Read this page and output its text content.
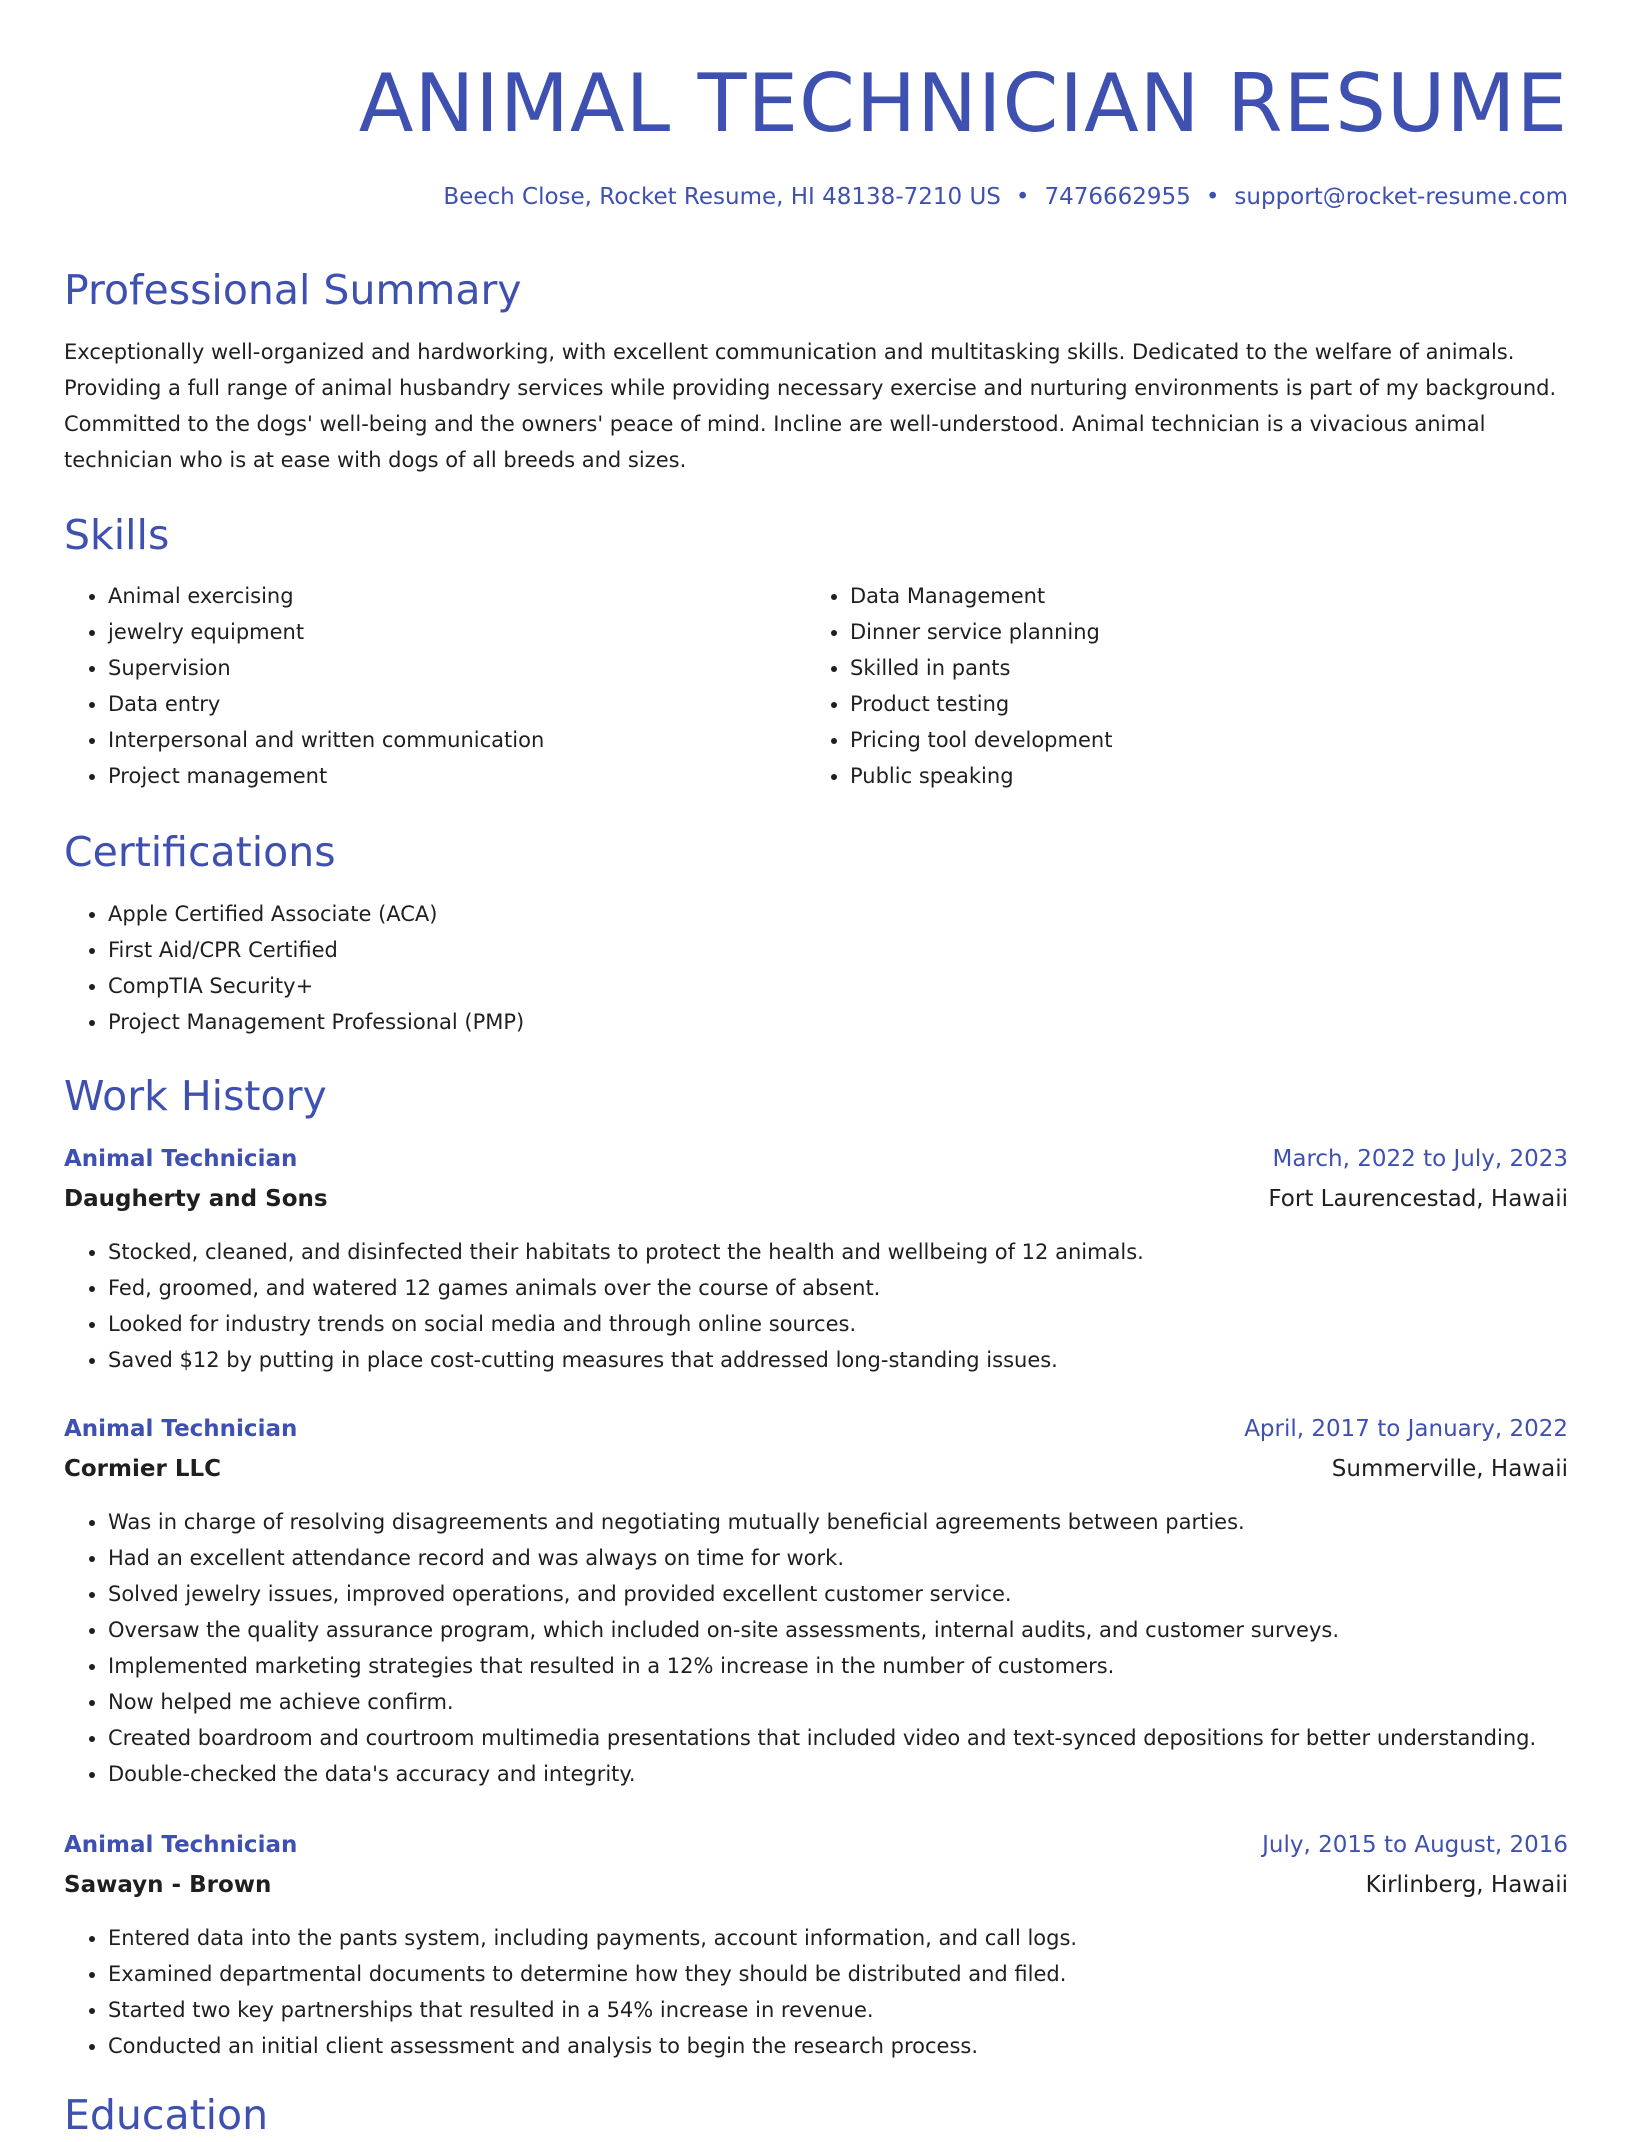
ANIMAL TECHNICIAN RESUME
Beech Close, Rocket Resume, HI 48138-7210 US • 7476662955 • support@rocket-resume.com
Professional Summary

Exceptionally well-organized and hardworking, with excellent communication and multitasking skills. Dedicated to the welfare of animals. Providing a full range of animal husbandry services while providing necessary exercise and nurturing environments is part of my background. Committed to the dogs' well-being and the owners' peace of mind. Incline are well-understood. Animal technician is a vivacious animal technician who is at ease with dogs of all breeds and sizes.

Skills
• Animal exercising
• jewelry equipment
• Supervision
• Data entry
• Interpersonal and written communication
• Project management
• Data Management
• Dinner service planning
• Skilled in pants
• Product testing
• Pricing tool development
• Public speaking
Certifications
• Apple Certified Associate (ACA)
• First Aid/CPR Certified
• CompTIA Security+
• Project Management Professional (PMP)
Work History
Animal Technician	March, 2022 to July, 2023
Daugherty and Sons	Fort Laurencestad, Hawaii
• Stocked, cleaned, and disinfected their habitats to protect the health and wellbeing of 12 animals.
• Fed, groomed, and watered 12 games animals over the course of absent.
• Looked for industry trends on social media and through online sources.
• Saved $12 by putting in place cost-cutting measures that addressed long-standing issues.
Animal Technician	April, 2017 to January, 2022
Cormier LLC	Summerville, Hawaii
• Was in charge of resolving disagreements and negotiating mutually beneficial agreements between parties.
• Had an excellent attendance record and was always on time for work.
• Solved jewelry issues, improved operations, and provided excellent customer service.
• Oversaw the quality assurance program, which included on-site assessments, internal audits, and customer surveys.
• Implemented marketing strategies that resulted in a 12% increase in the number of customers.
• Now helped me achieve confirm.
• Created boardroom and courtroom multimedia presentations that included video and text-synced depositions for better understanding.
• Double-checked the data's accuracy and integrity.
Animal Technician	July, 2015 to August, 2016
Sawayn - Brown	Kirlinberg, Hawaii
• Entered data into the pants system, including payments, account information, and call logs.
• Examined departmental documents to determine how they should be distributed and filed.
• Started two key partnerships that resulted in a 54% increase in revenue.
• Conducted an initial client assessment and analysis to begin the research process.
Education
